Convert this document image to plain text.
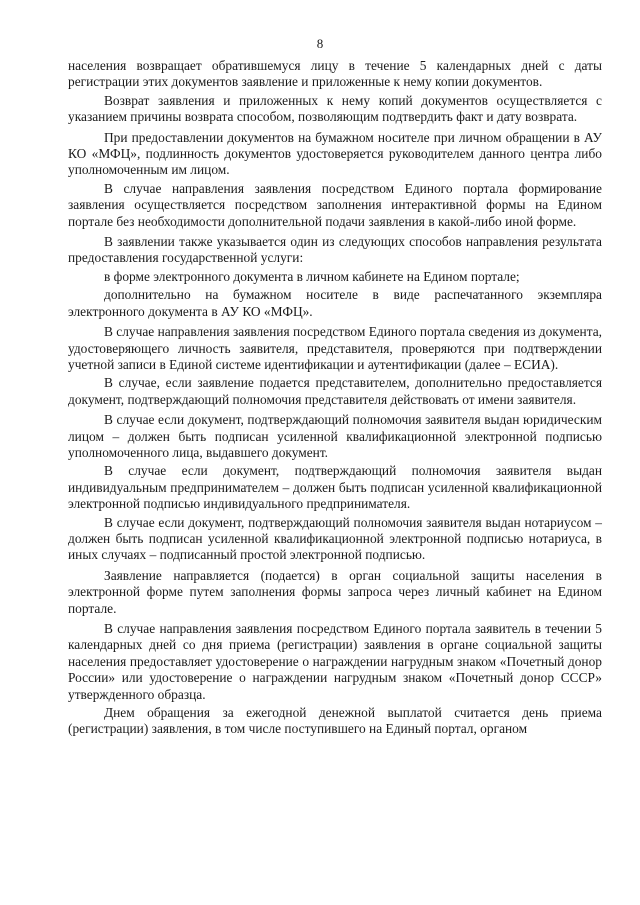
8

населения возвращает обратившемуся лицу в течение 5 календарных дней с даты регистрации этих документов заявление и приложенные к нему копии документов.

Возврат заявления и приложенных к нему копий документов осуществляется с указанием причины возврата способом, позволяющим подтвердить факт и дату возврата.

При предоставлении документов на бумажном носителе при личном обращении в АУ КО «МФЦ», подлинность документов удостоверяется руководителем данного центра либо уполномоченным им лицом.

В случае направления заявления посредством Единого портала формирование заявления осуществляется посредством заполнения интерактивной формы на Едином портале без необходимости дополнительной подачи заявления в какой-либо иной форме.

В заявлении также указывается один из следующих способов направления результата предоставления государственной услуги:

в форме электронного документа в личном кабинете на Едином портале;

дополнительно на бумажном носителе в виде распечатанного экземпляра электронного документа в АУ КО «МФЦ».

В случае направления заявления посредством Единого портала сведения из документа, удостоверяющего личность заявителя, представителя, проверяются при подтверждении учетной записи в Единой системе идентификации и аутентификации (далее – ЕСИА).

В случае, если заявление подается представителем, дополнительно предоставляется документ, подтверждающий полномочия представителя действовать от имени заявителя.

В случае если документ, подтверждающий полномочия заявителя выдан юридическим лицом – должен быть подписан усиленной квалификационной электронной подписью уполномоченного лица, выдавшего документ.

В случае если документ, подтверждающий полномочия заявителя выдан индивидуальным предпринимателем – должен быть подписан усиленной квалификационной электронной подписью индивидуального предпринимателя.

В случае если документ, подтверждающий полномочия заявителя выдан нотариусом – должен быть подписан усиленной квалификационной электронной подписью нотариуса, в иных случаях – подписанный простой электронной подписью.

Заявление направляется (подается) в орган социальной защиты населения в электронной форме путем заполнения формы запроса через личный кабинет на Едином портале.

В случае направления заявления посредством Единого портала заявитель в течении 5 календарных дней со дня приема (регистрации) заявления в органе социальной защиты населения предоставляет удостоверение о награждении нагрудным знаком «Почетный донор России» или удостоверение о награждении нагрудным знаком «Почетный донор СССР» утвержденного образца.

Днем обращения за ежегодной денежной выплатой считается день приема (регистрации) заявления, в том числе поступившего на Единый портал, органом
